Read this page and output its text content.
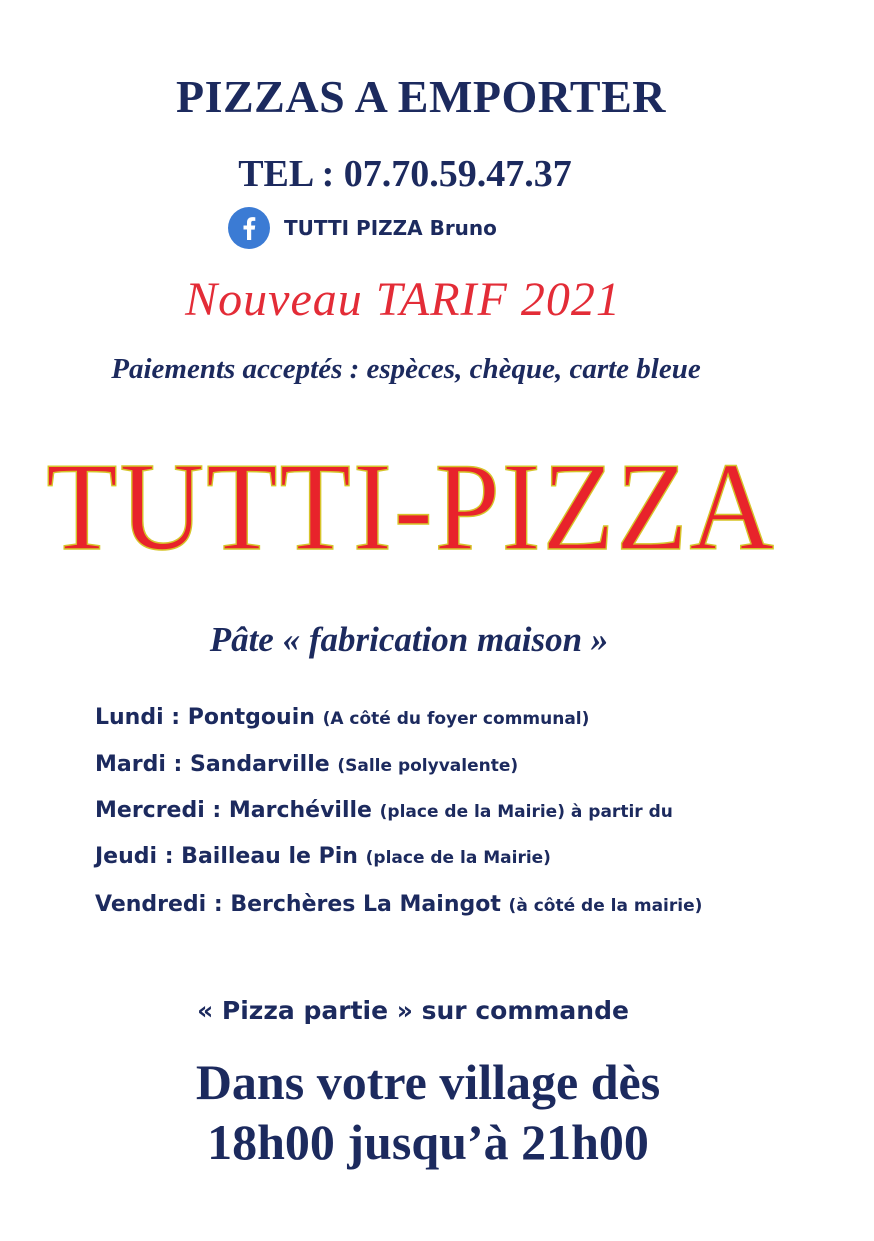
PIZZAS A EMPORTER
TEL : 07.70.59.47.37
TUTTI PIZZA Bruno
Nouveau TARIF 2021
Paiements acceptés : espèces, chèque, carte bleue
TUTTI-PIZZA
Pâte « fabrication maison »
Lundi : Pontgouin (A côté du foyer communal)
Mardi : Sandarville (Salle polyvalente)
Mercredi : Marchéville (place de la Mairie) à partir du
Jeudi : Bailleau le Pin (place de la Mairie)
Vendredi : Berchères La Maingot (à côté de la mairie)
« Pizza partie » sur commande
Dans votre village dès
18h00 jusqu’à 21h00
